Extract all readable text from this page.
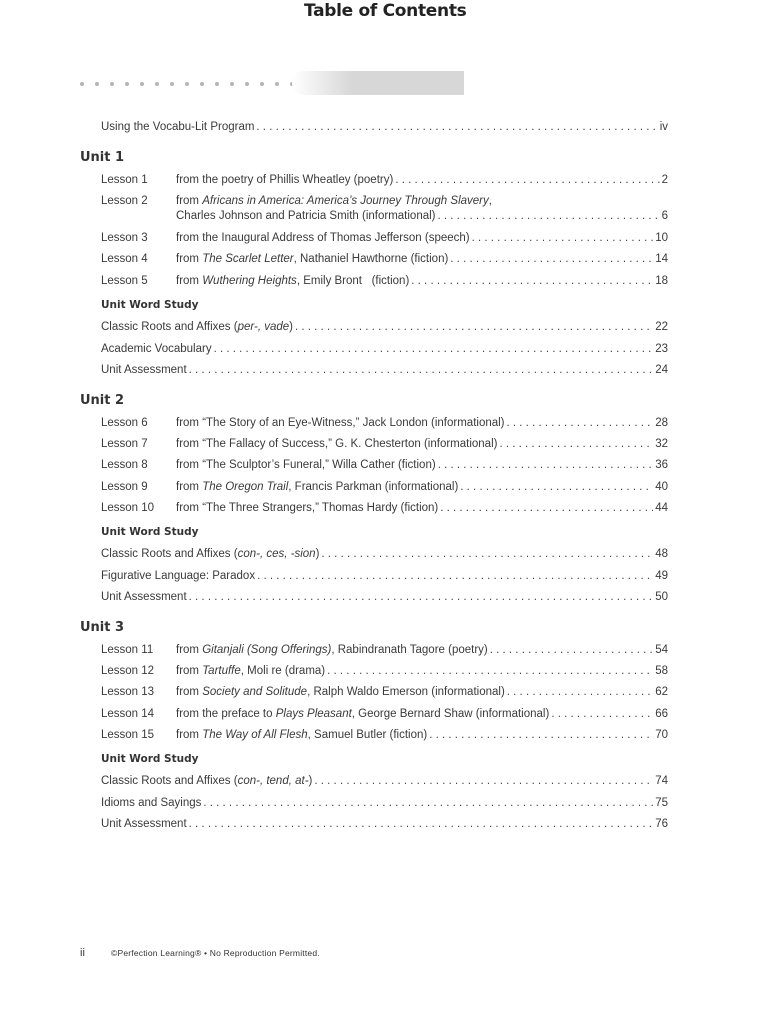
Table of Contents
Using the Vocabu-Lit Program . . .	iv
Unit 1
Lesson 1	from the poetry of Phillis Wheatley (poetry) . . .	2
Lesson 2	from Africans in America: America’s Journey Through Slavery,
Charles Johnson and Patricia Smith (informational) . . .	6
Lesson 3	from the Inaugural Address of Thomas Jefferson (speech) . . .	10
Lesson 4	from The Scarlet Letter, Nathaniel Hawthorne (fiction) . . .	14
Lesson 5	from Wuthering Heights, Emily Bront   (fiction) . . .	18
Unit Word Study
Classic Roots and Affixes (per-, vade) . . .	22
Academic Vocabulary . . .	23
Unit Assessment . . .	24
Unit 2
Lesson 6	from “The Story of an Eye-Witness,” Jack London (informational) . . .	28
Lesson 7	from “The Fallacy of Success,” G. K. Chesterton (informational) . . .	32
Lesson 8	from “The Sculptor’s Funeral,” Willa Cather (fiction) . . .	36
Lesson 9	from The Oregon Trail, Francis Parkman (informational) . . .	40
Lesson 10	from “The Three Strangers,” Thomas Hardy (fiction) . . .	44
Unit Word Study
Classic Roots and Affixes (con-, ces, -sion) . . .	48
Figurative Language: Paradox . . .	49
Unit Assessment . . .	50
Unit 3
Lesson 11	from Gitanjali (Song Offerings), Rabindranath Tagore (poetry) . . .	54
Lesson 12	from Tartuffe, Moli re (drama) . . .	58
Lesson 13	from Society and Solitude, Ralph Waldo Emerson (informational) . . .	62
Lesson 14	from the preface to Plays Pleasant, George Bernard Shaw (informational) . . .	66
Lesson 15	from The Way of All Flesh, Samuel Butler (fiction) . . .	70
Unit Word Study
Classic Roots and Affixes (con-, tend, at-) . . .	74
Idioms and Sayings . . .	75
Unit Assessment . . .	76
ii	©Perfection Learning® • No Reproduction Permitted.
